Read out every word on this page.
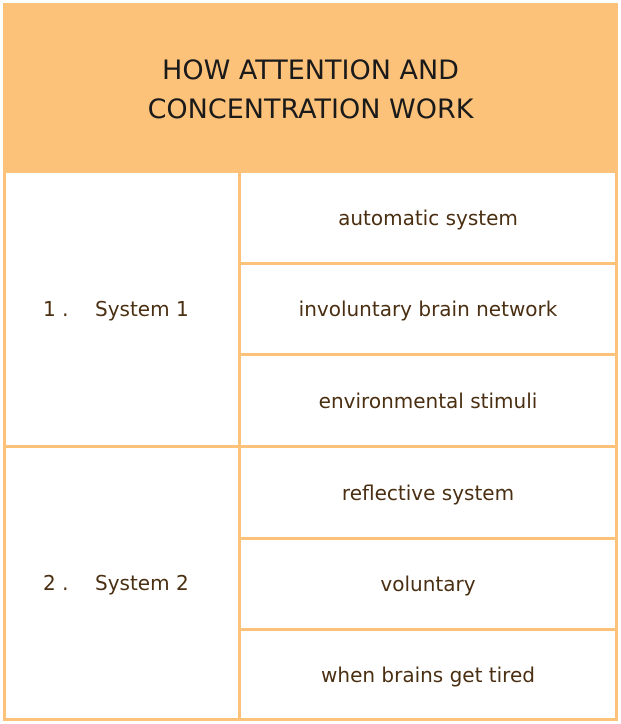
HOW ATTENTION AND CONCENTRATION WORK
1 .	System 1
automatic system
involuntary brain network
environmental stimuli
2 .	System 2
reflective system
voluntary
when brains get tired
